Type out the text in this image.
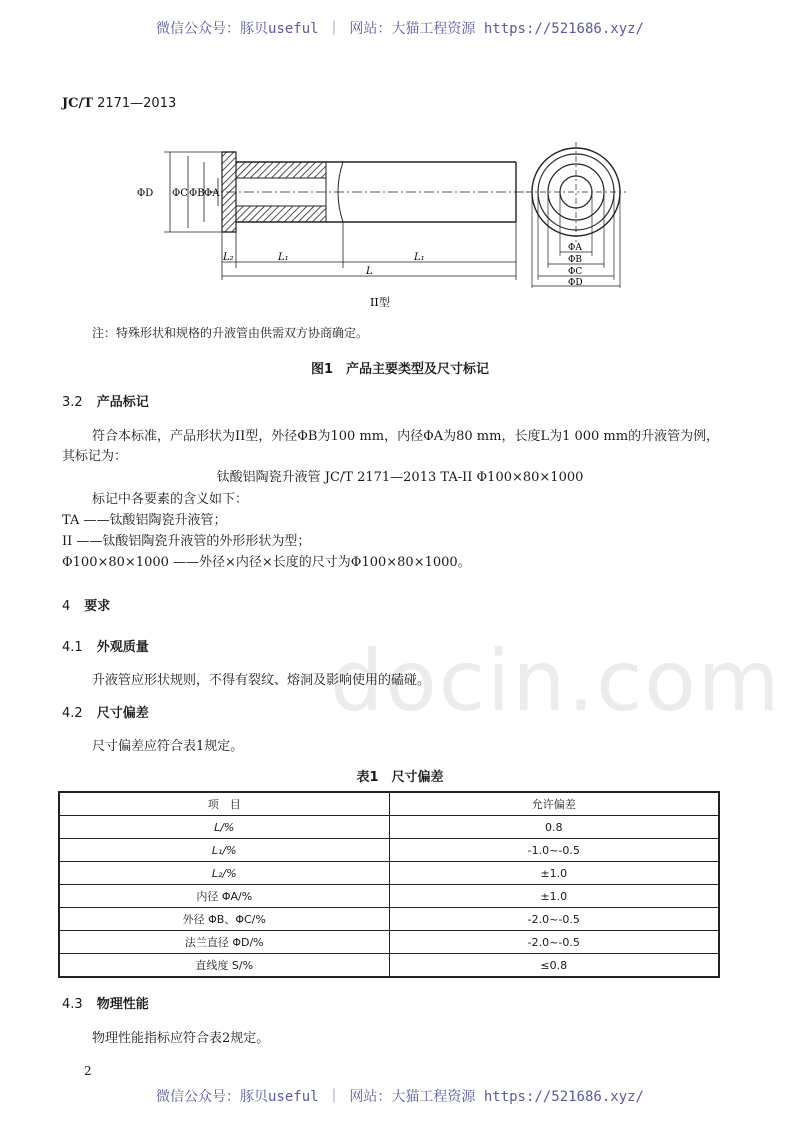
微信公众号：豚贝useful ｜ 网站：大猫工程资源 https://521686.xyz/
docin.com
JC/T 2171—2013
ΦD ΦC ΦB ΦA
L₂	L₁
L
L₁
ΦA
ΦB
ΦC
ΦD
II型
注：特殊形状和规格的升液管由供需双方协商确定。
图1　产品主要类型及尺寸标记
3.2 产品标记
符合本标准，产品形状为II型，外径ΦB为100 mm，内径ΦA为80 mm，长度L为1 000 mm的升液管为例，
其标记为：
钛酸铝陶瓷升液管 JC/T 2171—2013 TA-II Φ100×80×1000
标记中各要素的含义如下：
TA ——钛酸铝陶瓷升液管；
II ——钛酸铝陶瓷升液管的外形形状为型；
Φ100×80×1000 ——外径×内径×长度的尺寸为Φ100×80×1000。
4 要求
4.1 外观质量
升液管应形状规则，不得有裂纹、熔洞及影响使用的磕碰。
4.2 尺寸偏差
尺寸偏差应符合表1规定。
表1　尺寸偏差
项　目	允许偏差
L/%	0.8
L₁/%	-1.0~-0.5
L₂/%	±1.0
内径 ΦA/%	±1.0
外径 ΦB、ΦC/%	-2.0~-0.5
法兰直径 ΦD/%	-2.0~-0.5
直线度 S/%	≤0.8
4.3 物理性能
物理性能指标应符合表2规定。
2
微信公众号：豚贝useful ｜ 网站：大猫工程资源 https://521686.xyz/
